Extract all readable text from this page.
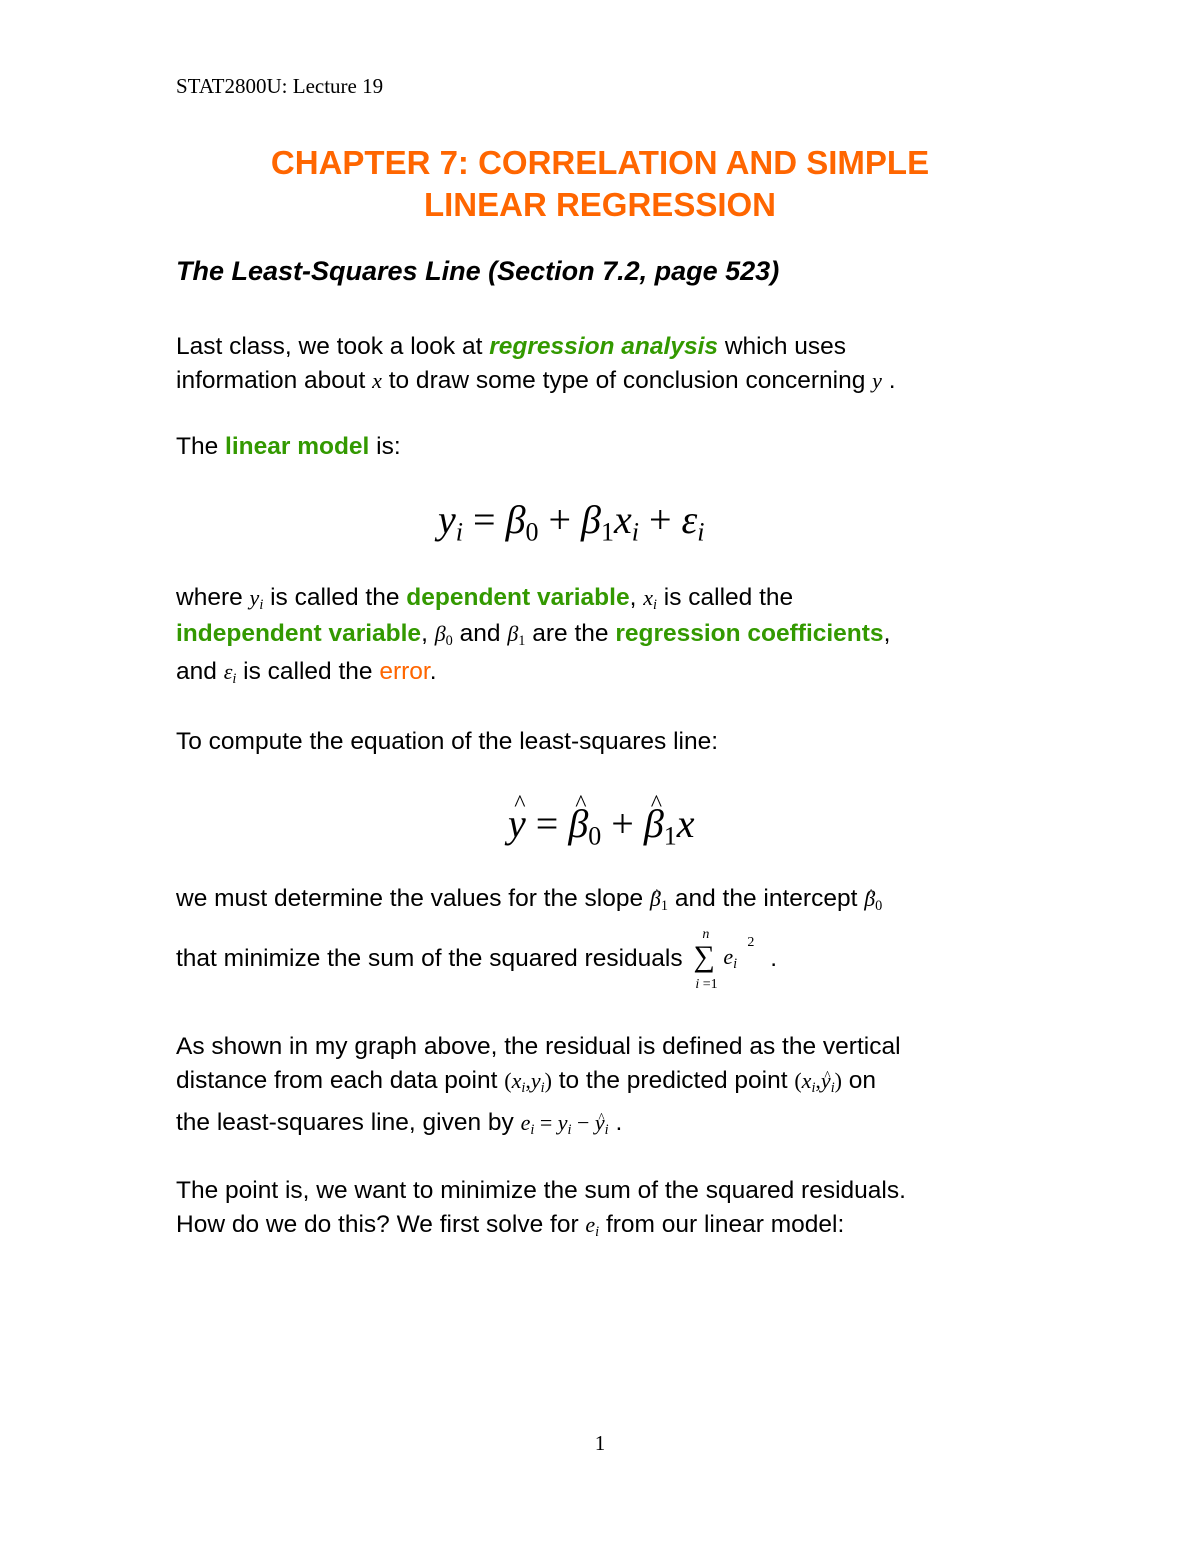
STAT2800U: Lecture 19
CHAPTER 7: CORRELATION AND SIMPLE
LINEAR REGRESSION
The Least-Squares Line (Section 7.2, page 523)
Last class, we took a look at regression analysis which uses
information about x to draw some type of conclusion concerning y .
The linear model is:
$y_i = \beta_0 + \beta_1x_i + \varepsilon_i$
where $y_i$ is called the dependent variable, $x_i$ is called the
independent variable, $\beta_0$ and $\beta_1$ are the regression coefficients,
and $\varepsilon_i$ is called the error.
To compute the equation of the least-squares line:
^ y = ^ $\beta_0$ + ^ $\beta_1x$
we must determine the values for the slope ^ $\beta_1$ and the intercept ^ $\beta_0$
that minimize the sum of the squared residuals
n
∑ $e_i$
2
i =1
.
As shown in my graph above, the residual is defined as the vertical
distance from each data point $(x_i,y_i)$ to the predicted point ($x_i,\^{}$ $y_i$) on
the least-squares line, given by $e_i = y_i$ − ^ $y_i$ .
The point is, we want to minimize the sum of the squared residuals.
How do we do this? We first solve for $e_i$ from our linear model:
1
